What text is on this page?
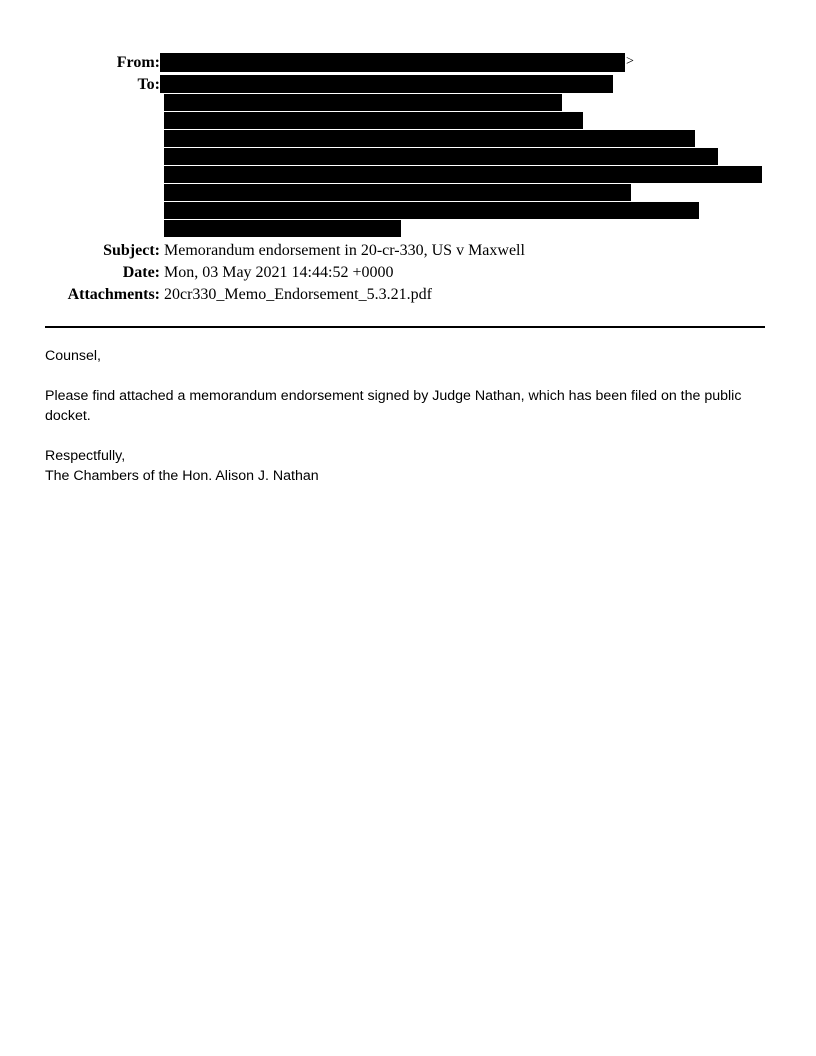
From:	>
To:
Subject: Memorandum endorsement in 20-cr-330, US v Maxwell
Date: Mon, 03 May 2021 14:44:52 +0000
Attachments: 20cr330_Memo_Endorsement_5.3.21.pdf

Counsel,

Please find attached a memorandum endorsement signed by Judge Nathan, which has been filed on the public

docket.

Respectfully,

The Chambers of the Hon. Alison J. Nathan
